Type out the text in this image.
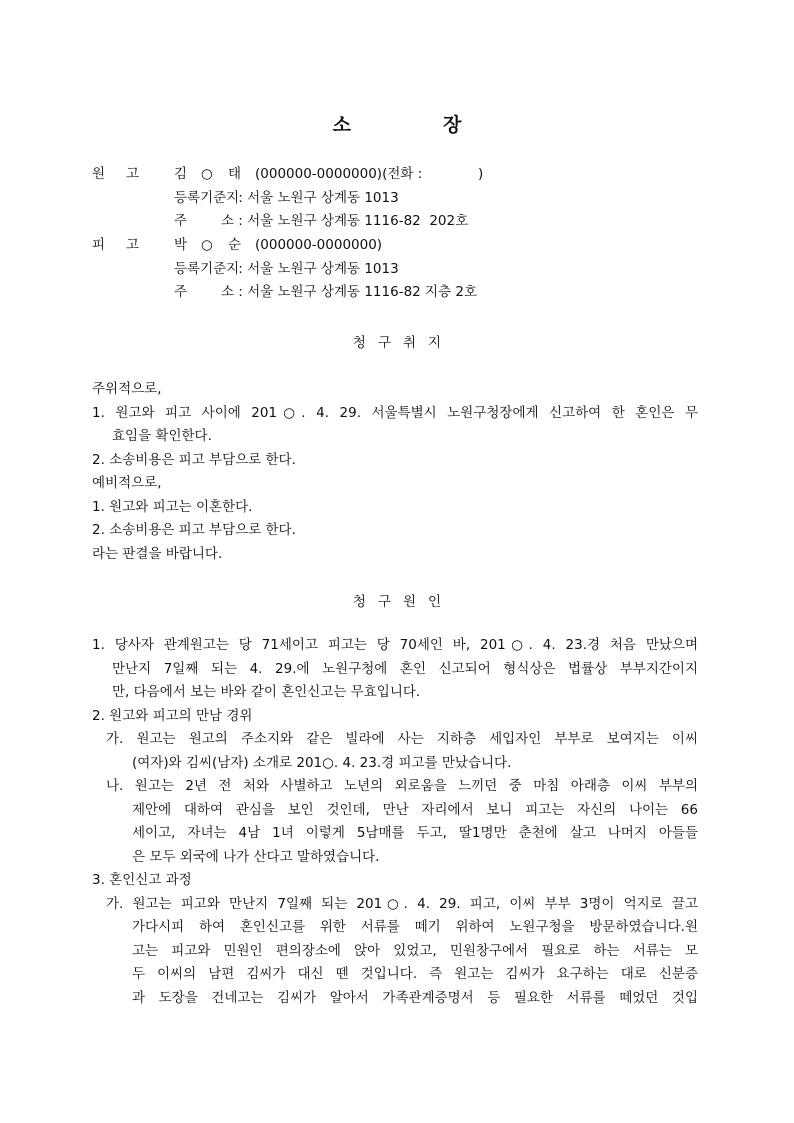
소	장
원 고	김 ○ 태 (000000-0000000)(전화 :             )
등록기준지 : 서울 노원구 상계동 1013
주	소 : 서울 노원구 상계동 1116-82  202호
피 고	박 ○ 순 (000000-0000000)
등록기준지 : 서울 노원구 상계동 1013
주	소 : 서울 노원구 상계동 1116-82 지층 2호
청 구 취 지
주위적으로,
1. 원고와 피고 사이에 201○. 4. 29. 서울특별시 노원구청장에게 신고하여 한 혼인은 무
효임을 확인한다.
2. 소송비용은 피고 부담으로 한다.
예비적으로,
1. 원고와 피고는 이혼한다.
2. 소송비용은 피고 부담으로 한다.
라는 판결을 바랍니다.
청 구 원 인
1. 당사자 관계원고는 당 71세이고 피고는 당 70세인 바, 201○. 4. 23.경 처음 만났으며
만난지 7일째 되는 4. 29.에 노원구청에 혼인 신고되어 형식상은 법률상 부부지간이지
만, 다음에서 보는 바와 같이 혼인신고는 무효입니다.
2. 원고와 피고의 만남 경위
가. 원고는 원고의 주소지와 같은 빌라에 사는 지하층 세입자인 부부로 보여지는 이씨
(여자)와 김씨(남자) 소개로 201○. 4. 23.경 피고를 만났습니다.
나. 원고는 2년 전 처와 사별하고 노년의 외로움을 느끼던 중 마침 아래층 이씨 부부의
제안에 대하여 관심을 보인 것인데, 만난 자리에서 보니 피고는 자신의 나이는 66
세이고, 자녀는 4남 1녀 이렇게 5남매를 두고, 딸1명만 춘천에 살고 나머지 아들들
은 모두 외국에 나가 산다고 말하였습니다.
3. 혼인신고 과정
가. 원고는 피고와 만난지 7일째 되는 201○. 4. 29. 피고, 이씨 부부 3명이 억지로 끌고
가다시피 하여 혼인신고를 위한 서류를 떼기 위하여 노원구청을 방문하였습니다.원
고는 피고와 민원인 편의장소에 앉아 있었고, 민원창구에서 필요로 하는 서류는 모
두 이씨의 남편 김씨가 대신 뗀 것입니다. 즉 원고는 김씨가 요구하는 대로 신분증
과 도장을 건네고는 김씨가 알아서 가족관계증명서 등 필요한 서류를 떼었던 것입
